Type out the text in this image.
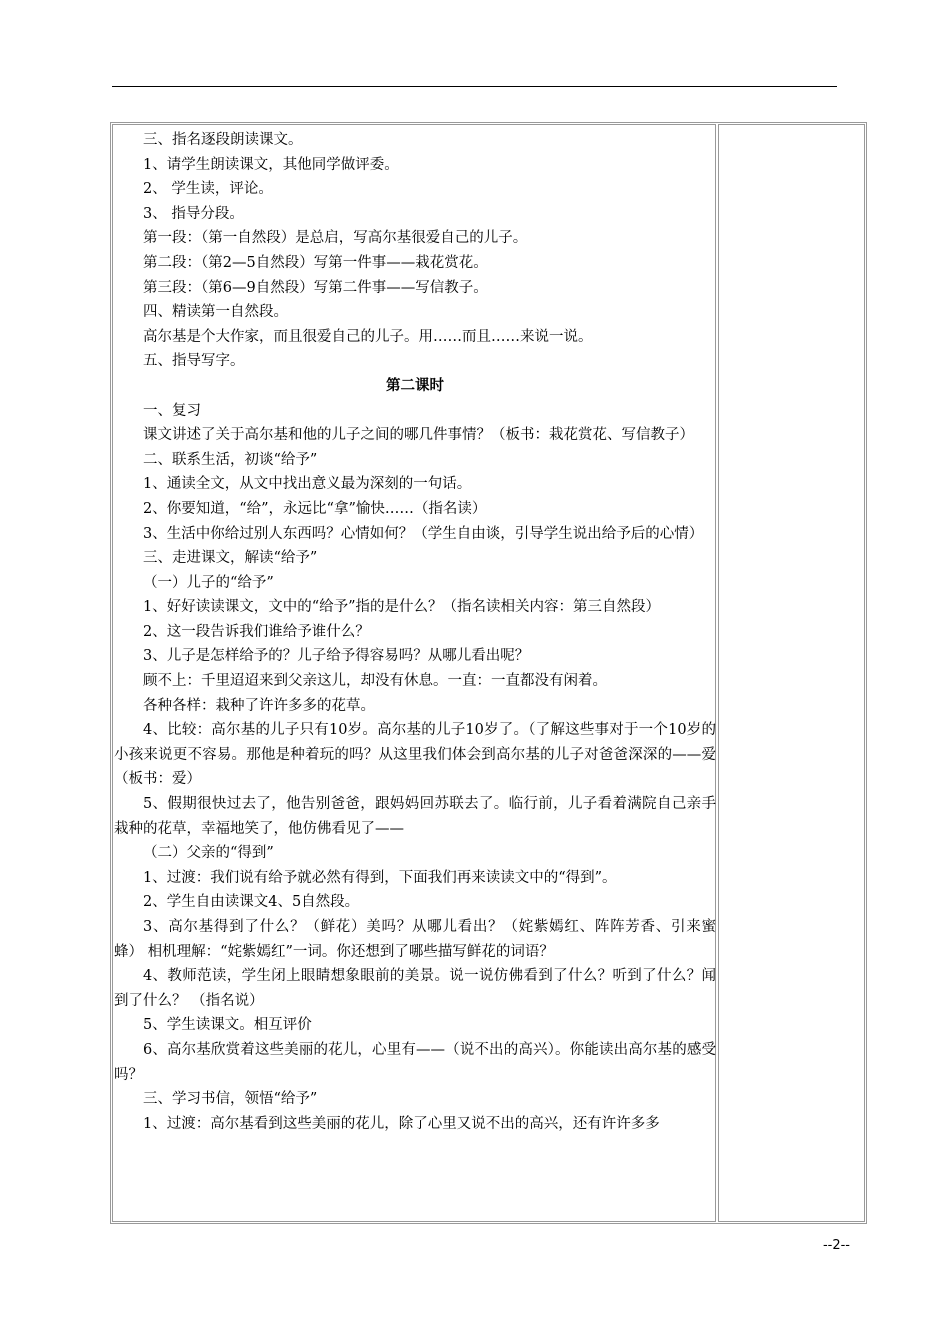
三、指名逐段朗读课文。

1、请学生朗读课文，其他同学做评委。

2、 学生读，评论。

3、 指导分段。

第一段：（第一自然段）是总启，写高尔基很爱自己的儿子。

第二段：（第2—5自然段）写第一件事——栽花赏花。

第三段：（第6—9自然段）写第二件事——写信教子。

四、精读第一自然段。

高尔基是个大作家，而且很爱自己的儿子。用……而且……来说一说。

五、指导写字。

第二课时

一、复习

课文讲述了关于高尔基和他的儿子之间的哪几件事情？（板书：栽花赏花、写信教子）

二、联系生活，初谈“给予”

1、通读全文，从文中找出意义最为深刻的一句话。

2、你要知道，“给”，永远比“拿”愉快……（指名读）

3、生活中你给过别人东西吗？心情如何？（学生自由谈，引导学生说出给予后的心情）

三、走进课文，解读“给予”

（一）儿子的“给予”

1、好好读读课文，文中的“给予”指的是什么？（指名读相关内容：第三自然段）

2、这一段告诉我们谁给予谁什么？

3、儿子是怎样给予的？儿子给予得容易吗？从哪儿看出呢？

顾不上：千里迢迢来到父亲这儿，却没有休息。一直：一直都没有闲着。

各种各样：栽种了许许多多的花草。

4、比较：高尔基的儿子只有10岁。高尔基的儿子10岁了。（了解这些事对于一个10岁的小孩来说更不容易。那他是种着玩的吗？从这里我们体会到高尔基的儿子对爸爸深深的——爱（板书：爱）

5、假期很快过去了，他告别爸爸，跟妈妈回苏联去了。临行前，儿子看着满院自己亲手栽种的花草，幸福地笑了，他仿佛看见了——

（二）父亲的“得到”

1、过渡：我们说有给予就必然有得到，下面我们再来读读文中的“得到”。

2、学生自由读课文4、5自然段。

3、高尔基得到了什么？（鲜花）美吗？从哪儿看出？（姹紫嫣红、阵阵芳香、引来蜜蜂） 相机理解：“姹紫嫣红”一词。你还想到了哪些描写鲜花的词语？

4、教师范读，学生闭上眼睛想象眼前的美景。说一说仿佛看到了什么？听到了什么？闻到了什么？ （指名说）

5、学生读课文。相互评价

6、高尔基欣赏着这些美丽的花儿，心里有——（说不出的高兴）。你能读出高尔基的感受 吗？

三、学习书信，领悟“给予”

1、过渡：高尔基看到这些美丽的花儿，除了心里又说不出的高兴，还有许许多多

--2--
